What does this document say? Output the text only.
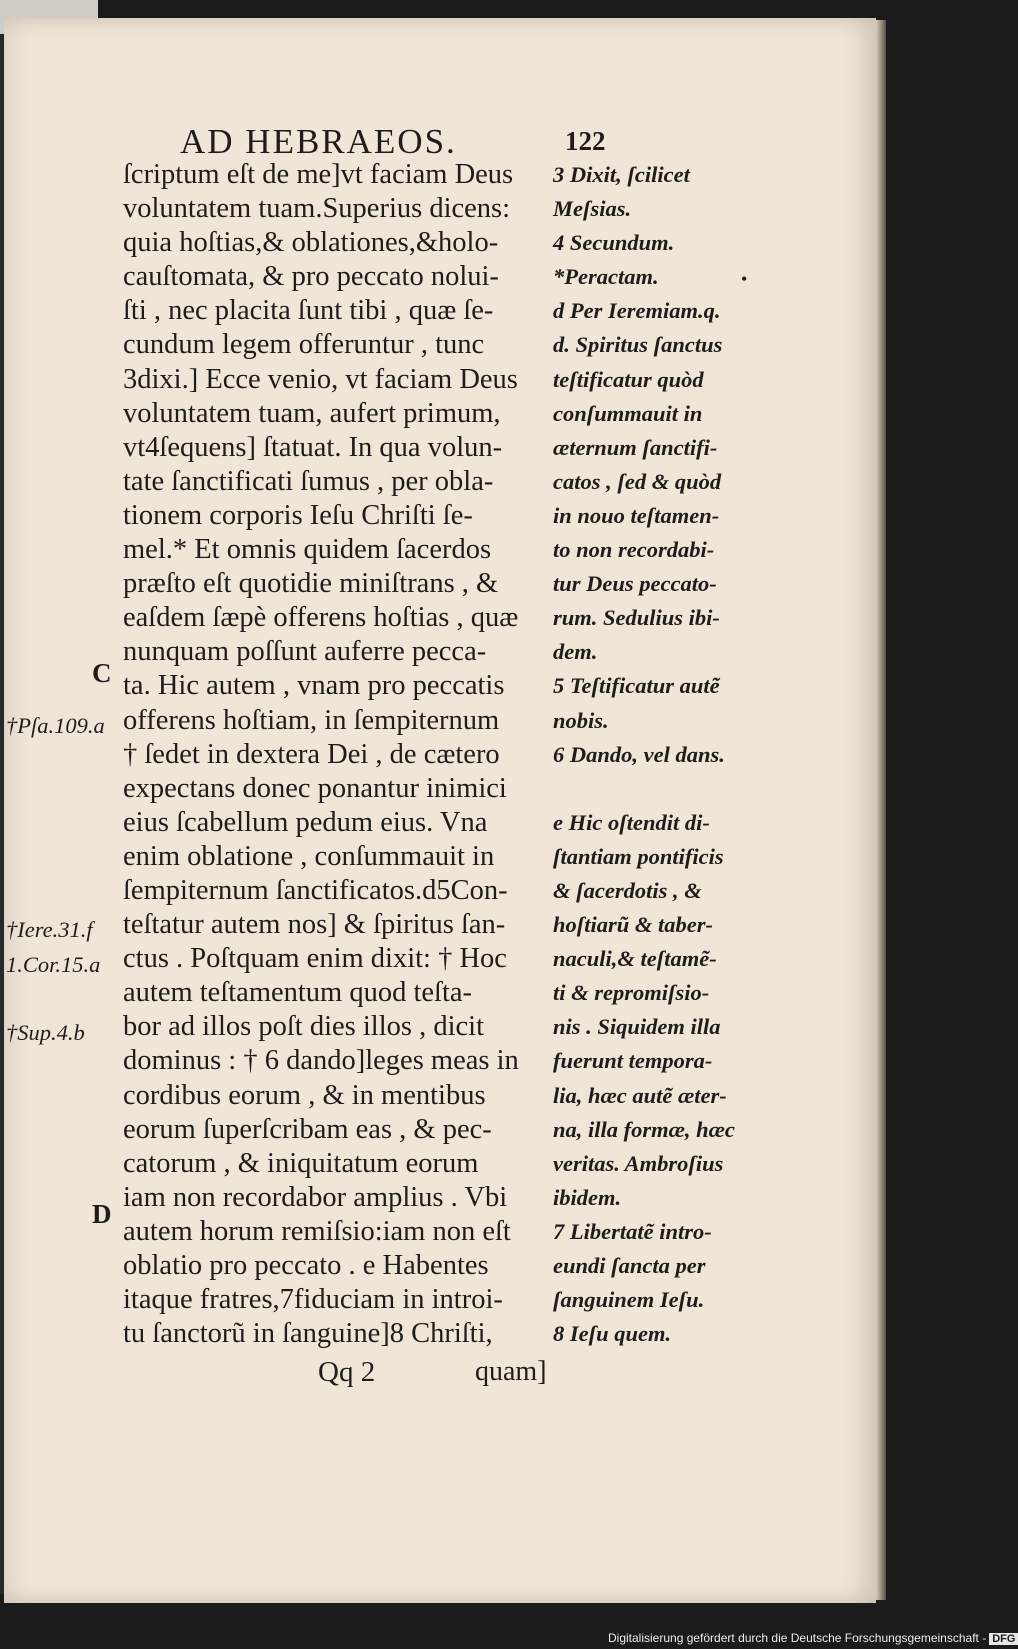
AD HEBRAEOS.	122
ſcriptum eſt de me]vt faciam Deus
voluntatem tuam.Superius dicens:
quia hoſtias,& oblationes,&holo-
cauſtomata, & pro peccato nolui-
ſti , nec placita ſunt tibi , quæ ſe-
cundum legem offeruntur , tunc
3dixi.] Ecce venio, vt faciam Deus
voluntatem tuam, aufert primum,
vt4ſequens] ſtatuat. In qua volun-
tate ſanctificati ſumus , per obla-
tionem corporis Ieſu Chriſti ſe-
mel.* Et omnis quidem ſacerdos
præſto eſt quotidie miniſtrans , &
eaſdem ſæpè offerens hoſtias , quæ
nunquam poſſunt auferre pecca-
ta. Hic autem , vnam pro peccatis
offerens hoſtiam, in ſempiternum
† ſedet in dextera Dei , de cætero
expectans donec ponantur inimici
eius ſcabellum pedum eius. Vna
enim oblatione , conſummauit in
ſempiternum ſanctificatos.d5Con-
teſtatur autem nos] & ſpiritus ſan-
ctus . Poſtquam enim dixit: † Hoc
autem teſtamentum quod teſta-
bor ad illos poſt dies illos , dicit
dominus : † 6 dando]leges meas in
cordibus eorum , & in mentibus
eorum ſuperſcribam eas , & pec-
catorum , & iniquitatum eorum
iam non recordabor amplius . Vbi
autem horum remiſsio:iam non eſt
oblatio pro peccato . e Habentes
itaque fratres,7fiduciam in introi-
tu ſanctorũ in ſanguine]8 Chriſti,
3 Dixit, ſcilicet
Meſsias.
4 Secundum.
*Peractam.
d Per Ieremiam.q.
d. Spiritus ſanctus
teſtificatur quòd
conſummauit in
æternum ſanctifi-
catos , ſed & quòd
in nouo teſtamen-
to non recordabi-
tur Deus peccato-
rum. Sedulius ibi-
dem.
5 Teſtificatur autẽ
nobis.
6 Dando, vel dans.
e Hic oſtendit di-
ſtantiam pontificis
& ſacerdotis , &
hoſtiarũ & taber-
naculi,& teſtamẽ-
ti & repromiſsio-
nis . Siquidem illa
fuerunt tempora-
lia, hæc autẽ æter-
na, illa formæ, hæc
veritas. Ambroſius
ibidem.
7 Libertatẽ intro-
eundi ſancta per
ſanguinem Ieſu.
8 Ieſu quem.
•
C
D
†Pſa.109.a
†Iere.31.f
1.Cor.15.a
†Sup.4.b
Qq 2	quam]
Digitalisierung gefördert durch die Deutsche Forschungsgemeinschaft - DFG
